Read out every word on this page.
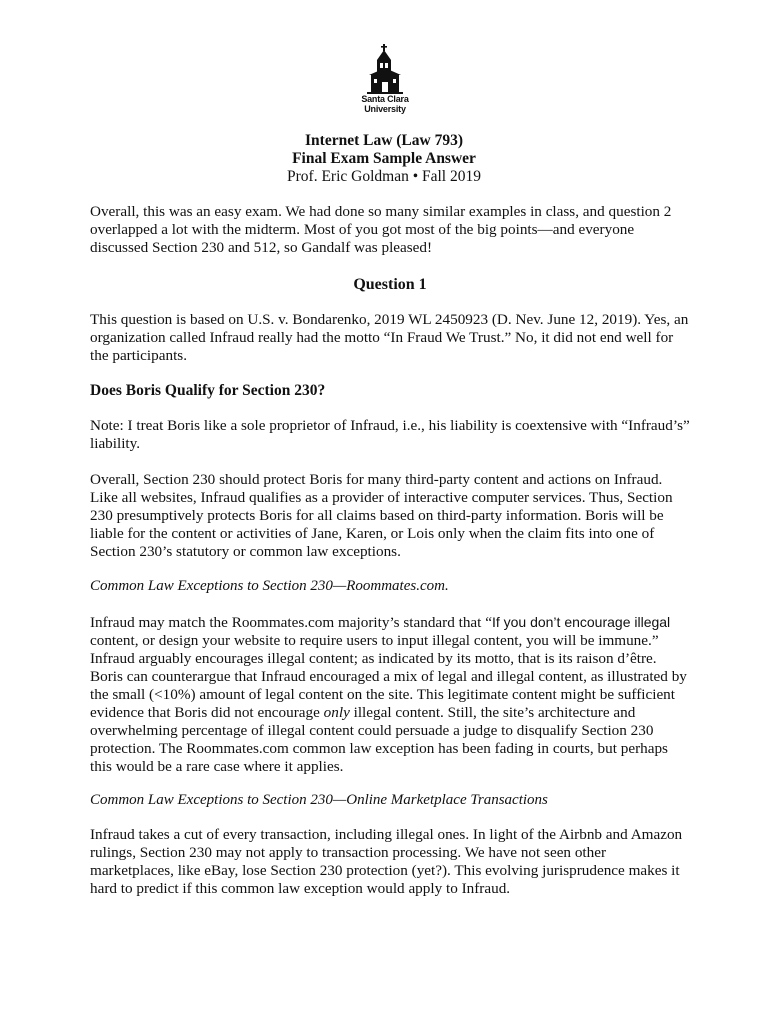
Santa Clara
University
Internet Law (Law 793)
Final Exam Sample Answer
Prof. Eric Goldman • Fall 2019

Overall, this was an easy exam. We had done so many similar examples in class, and question 2 overlapped a lot with the midterm. Most of you got most of the big points—and everyone discussed Section 230 and 512, so Gandalf was pleased!

Question 1

This question is based on U.S. v. Bondarenko, 2019 WL 2450923 (D. Nev. June 12, 2019). Yes, an organization called Infraud really had the motto “In Fraud We Trust.” No, it did not end well for the participants.

Does Boris Qualify for Section 230?

Note: I treat Boris like a sole proprietor of Infraud, i.e., his liability is coextensive with “Infraud’s” liability.

Overall, Section 230 should protect Boris for many third-party content and actions on Infraud. Like all websites, Infraud qualifies as a provider of interactive computer services. Thus, Section 230 presumptively protects Boris for all claims based on third-party information. Boris will be liable for the content or activities of Jane, Karen, or Lois only when the claim fits into one of Section 230’s statutory or common law exceptions.

Common Law Exceptions to Section 230—Roommates.com.

Infraud may match the Roommates.com majority’s standard that “If you don’t encourage illegal content, or design your website to require users to input illegal content, you will be immune.” Infraud arguably encourages illegal content; as indicated by its motto, that is its raison d’être. Boris can counterargue that Infraud encouraged a mix of legal and illegal content, as illustrated by the small (<10%) amount of legal content on the site. This legitimate content might be sufficient evidence that Boris did not encourage only illegal content. Still, the site’s architecture and overwhelming percentage of illegal content could persuade a judge to disqualify Section 230 protection. The Roommates.com common law exception has been fading in courts, but perhaps this would be a rare case where it applies.

Common Law Exceptions to Section 230—Online Marketplace Transactions

Infraud takes a cut of every transaction, including illegal ones. In light of the Airbnb and Amazon rulings, Section 230 may not apply to transaction processing. We have not seen other marketplaces, like eBay, lose Section 230 protection (yet?). This evolving jurisprudence makes it hard to predict if this common law exception would apply to Infraud.
